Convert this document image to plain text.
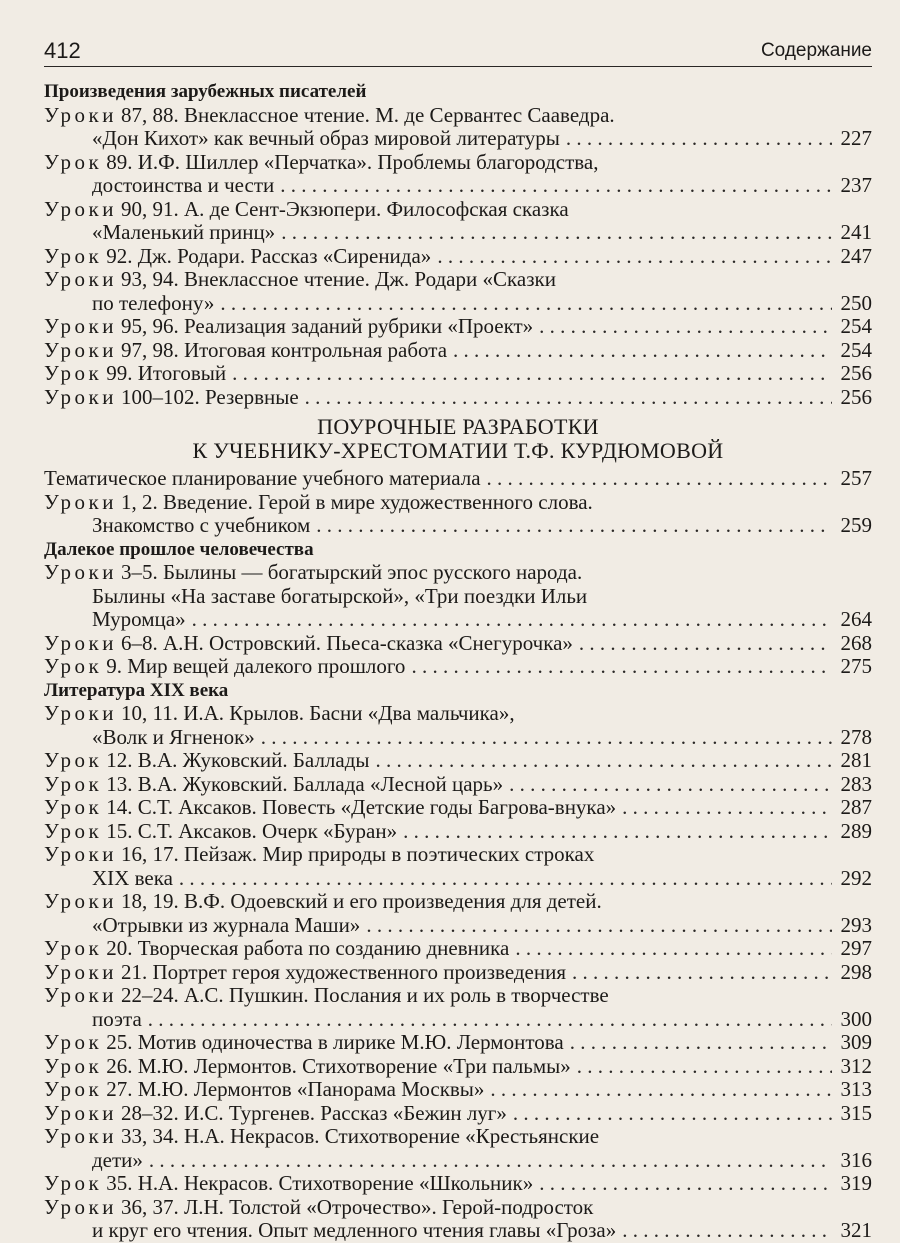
412	Содержание
Произведения зарубежных писателей
Уроки 87, 88. Внеклассное чтение. М. де Сервантес Сааведра.
«Дон Кихот» как вечный образ мировой литературы . . .	227
Урок 89. И.Ф. Шиллер «Перчатка». Проблемы благородства,
достоинства и чести . . .	237
Уроки 90, 91. А. де Сент-Экзюпери. Философская сказка
«Маленький принц» . . .	241
Урок 92. Дж. Родари. Рассказ «Сиренида» . . .	247
Уроки 93, 94. Внеклассное чтение. Дж. Родари «Сказки
по телефону» . . .	250
Уроки 95, 96. Реализация заданий рубрики «Проект» . . .	254
Уроки 97, 98. Итоговая контрольная работа . . .	254
Урок 99. Итоговый . . .	256
Уроки 100–102. Резервные . . .	256
ПОУРОЧНЫЕ РАЗРАБОТКИ
К УЧЕБНИКУ-ХРЕСТОМАТИИ Т.Ф. КУРДЮМОВОЙ
Тематическое планирование учебного материала . . .	257
Уроки 1, 2. Введение. Герой в мире художественного слова.
Знакомство с учебником . . .	259
Далекое прошлое человечества
Уроки 3–5. Былины — богатырский эпос русского народа.
Былины «На заставе богатырской», «Три поездки Ильи
Муромца» . . .	264
Уроки 6–8. А.Н. Островский. Пьеса-сказка «Снегурочка» . . .	268
Урок 9. Мир вещей далекого прошлого . . .	275
Литература XIX века
Уроки 10, 11. И.А. Крылов. Басни «Два мальчика»,
«Волк и Ягненок» . . .	278
Урок 12. В.А. Жуковский. Баллады . . .	281
Урок 13. В.А. Жуковский. Баллада «Лесной царь» . . .	283
Урок 14. С.Т. Аксаков. Повесть «Детские годы Багрова-внука» . . .	287
Урок 15. С.Т. Аксаков. Очерк «Буран» . . .	289
Уроки 16, 17. Пейзаж. Мир природы в поэтических строках
XIX века . . .	292
Уроки 18, 19. В.Ф. Одоевский и его произведения для детей.
«Отрывки из журнала Маши» . . .	293
Урок 20. Творческая работа по созданию дневника . . .	297
Уроки 21. Портрет героя художественного произведения . . .	298
Уроки 22–24. А.С. Пушкин. Послания и их роль в творчестве
поэта . . .	300
Урок 25. Мотив одиночества в лирике М.Ю. Лермонтова . . .	309
Урок 26. М.Ю. Лермонтов. Стихотворение «Три пальмы» . . .	312
Урок 27. М.Ю. Лермонтов «Панорама Москвы» . . .	313
Уроки 28–32. И.С. Тургенев. Рассказ «Бежин луг» . . .	315
Уроки 33, 34. Н.А. Некрасов. Стихотворение «Крестьянские
дети» . . .	316
Урок 35. Н.А. Некрасов. Стихотворение «Школьник» . . .	319
Уроки 36, 37. Л.Н. Толстой «Отрочество». Герой-подросток
и круг его чтения. Опыт медленного чтения главы «Гроза» . . .	321
